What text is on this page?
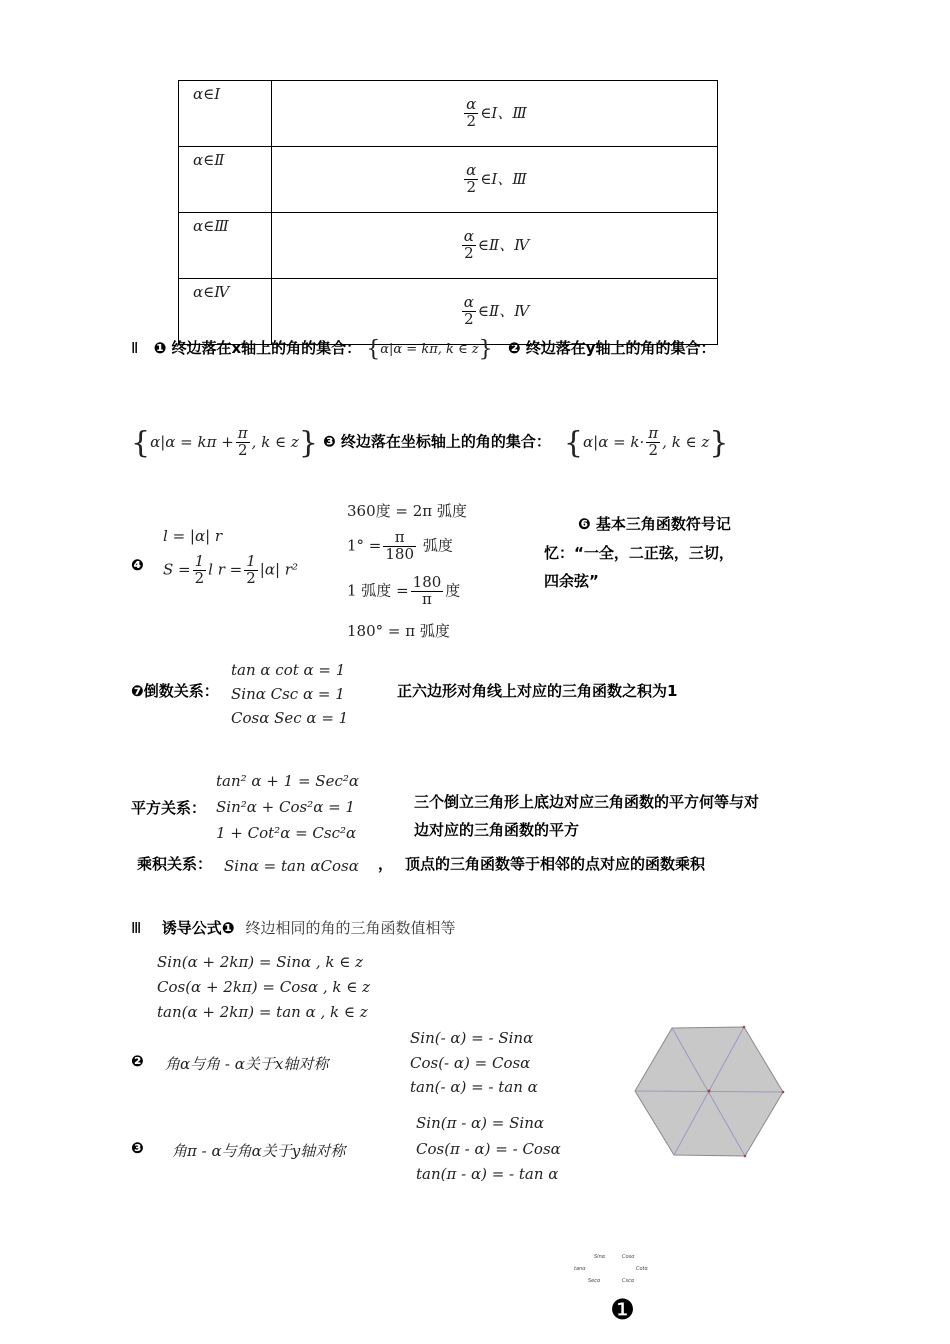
α∈Ⅰ	$\frac{\alpha}{2}$ ∈Ⅰ、Ⅲ
α∈Ⅱ	$\frac{\alpha}{2}$ ∈Ⅰ、Ⅲ
α∈Ⅲ	$\frac{\alpha}{2}$ ∈Ⅱ、Ⅳ
α∈Ⅳ	$\frac{\alpha}{2}$ ∈Ⅱ、Ⅳ
Ⅱ ❶ 终边落在x轴上的角的集合： {α|α = kπ, k ∈ z} ❷ 终边落在y轴上的角的集合：
{$\alpha|\alpha = k\pi + \frac{\pi}{2}$ , k ∈ z} ❸ 终边落在坐标轴上的角的集合： {$\alpha|\alpha = k\cdot \frac{\pi}{2}$ , k ∈ z}
❹
l = |α| r
$S = \frac{1}{2}$ l $r = \frac{1}{2} |\alpha|$ r²
360度 = 2π 弧度
$1^\circ = \frac{\pi}{180}$ 弧度
1 弧度 = $\frac{180}{\pi}$ 度
180° = π 弧度
❻ 基本三角函数符号记
忆：“一全，二正弦，三切，
四余弦”
❼倒数关系：
tan α cot α = 1
Sinα Csc α = 1
Cosα Sec α = 1
正六边形对角线上对应的三角函数之积为1
平方关系：
tan² α + 1 = Sec²α
Sin²α + Cos²α = 1
1 + Cot²α = Csc²α
三个倒立三角形上底边对应三角函数的平方何等与对
边对应的三角函数的平方
乘积关系： Sinα = tan αCosα ， 顶点的三角函数等于相邻的点对应的函数乘积
Ⅲ 诱导公式❶ 终边相同的角的三角函数值相等
Sin(α + 2kπ) = Sinα , k ∈ z
Cos(α + 2kπ) = Cosα , k ∈ z
tan(α + 2kπ) = tan α , k ∈ z
❷ 角α与角 - α关于x轴对称
Sin(- α) = - Sinα
Cos(- α) = Cosα
tan(- α) = - tan α
❸ 角π - α与角α关于y轴对称
Sin(π - α) = Sinα
Cos(π - α) = - Cosα
tan(π - α) = - tan α
Sinα	Cosα
tanα	Cotα
Secα	Cscα
❶
